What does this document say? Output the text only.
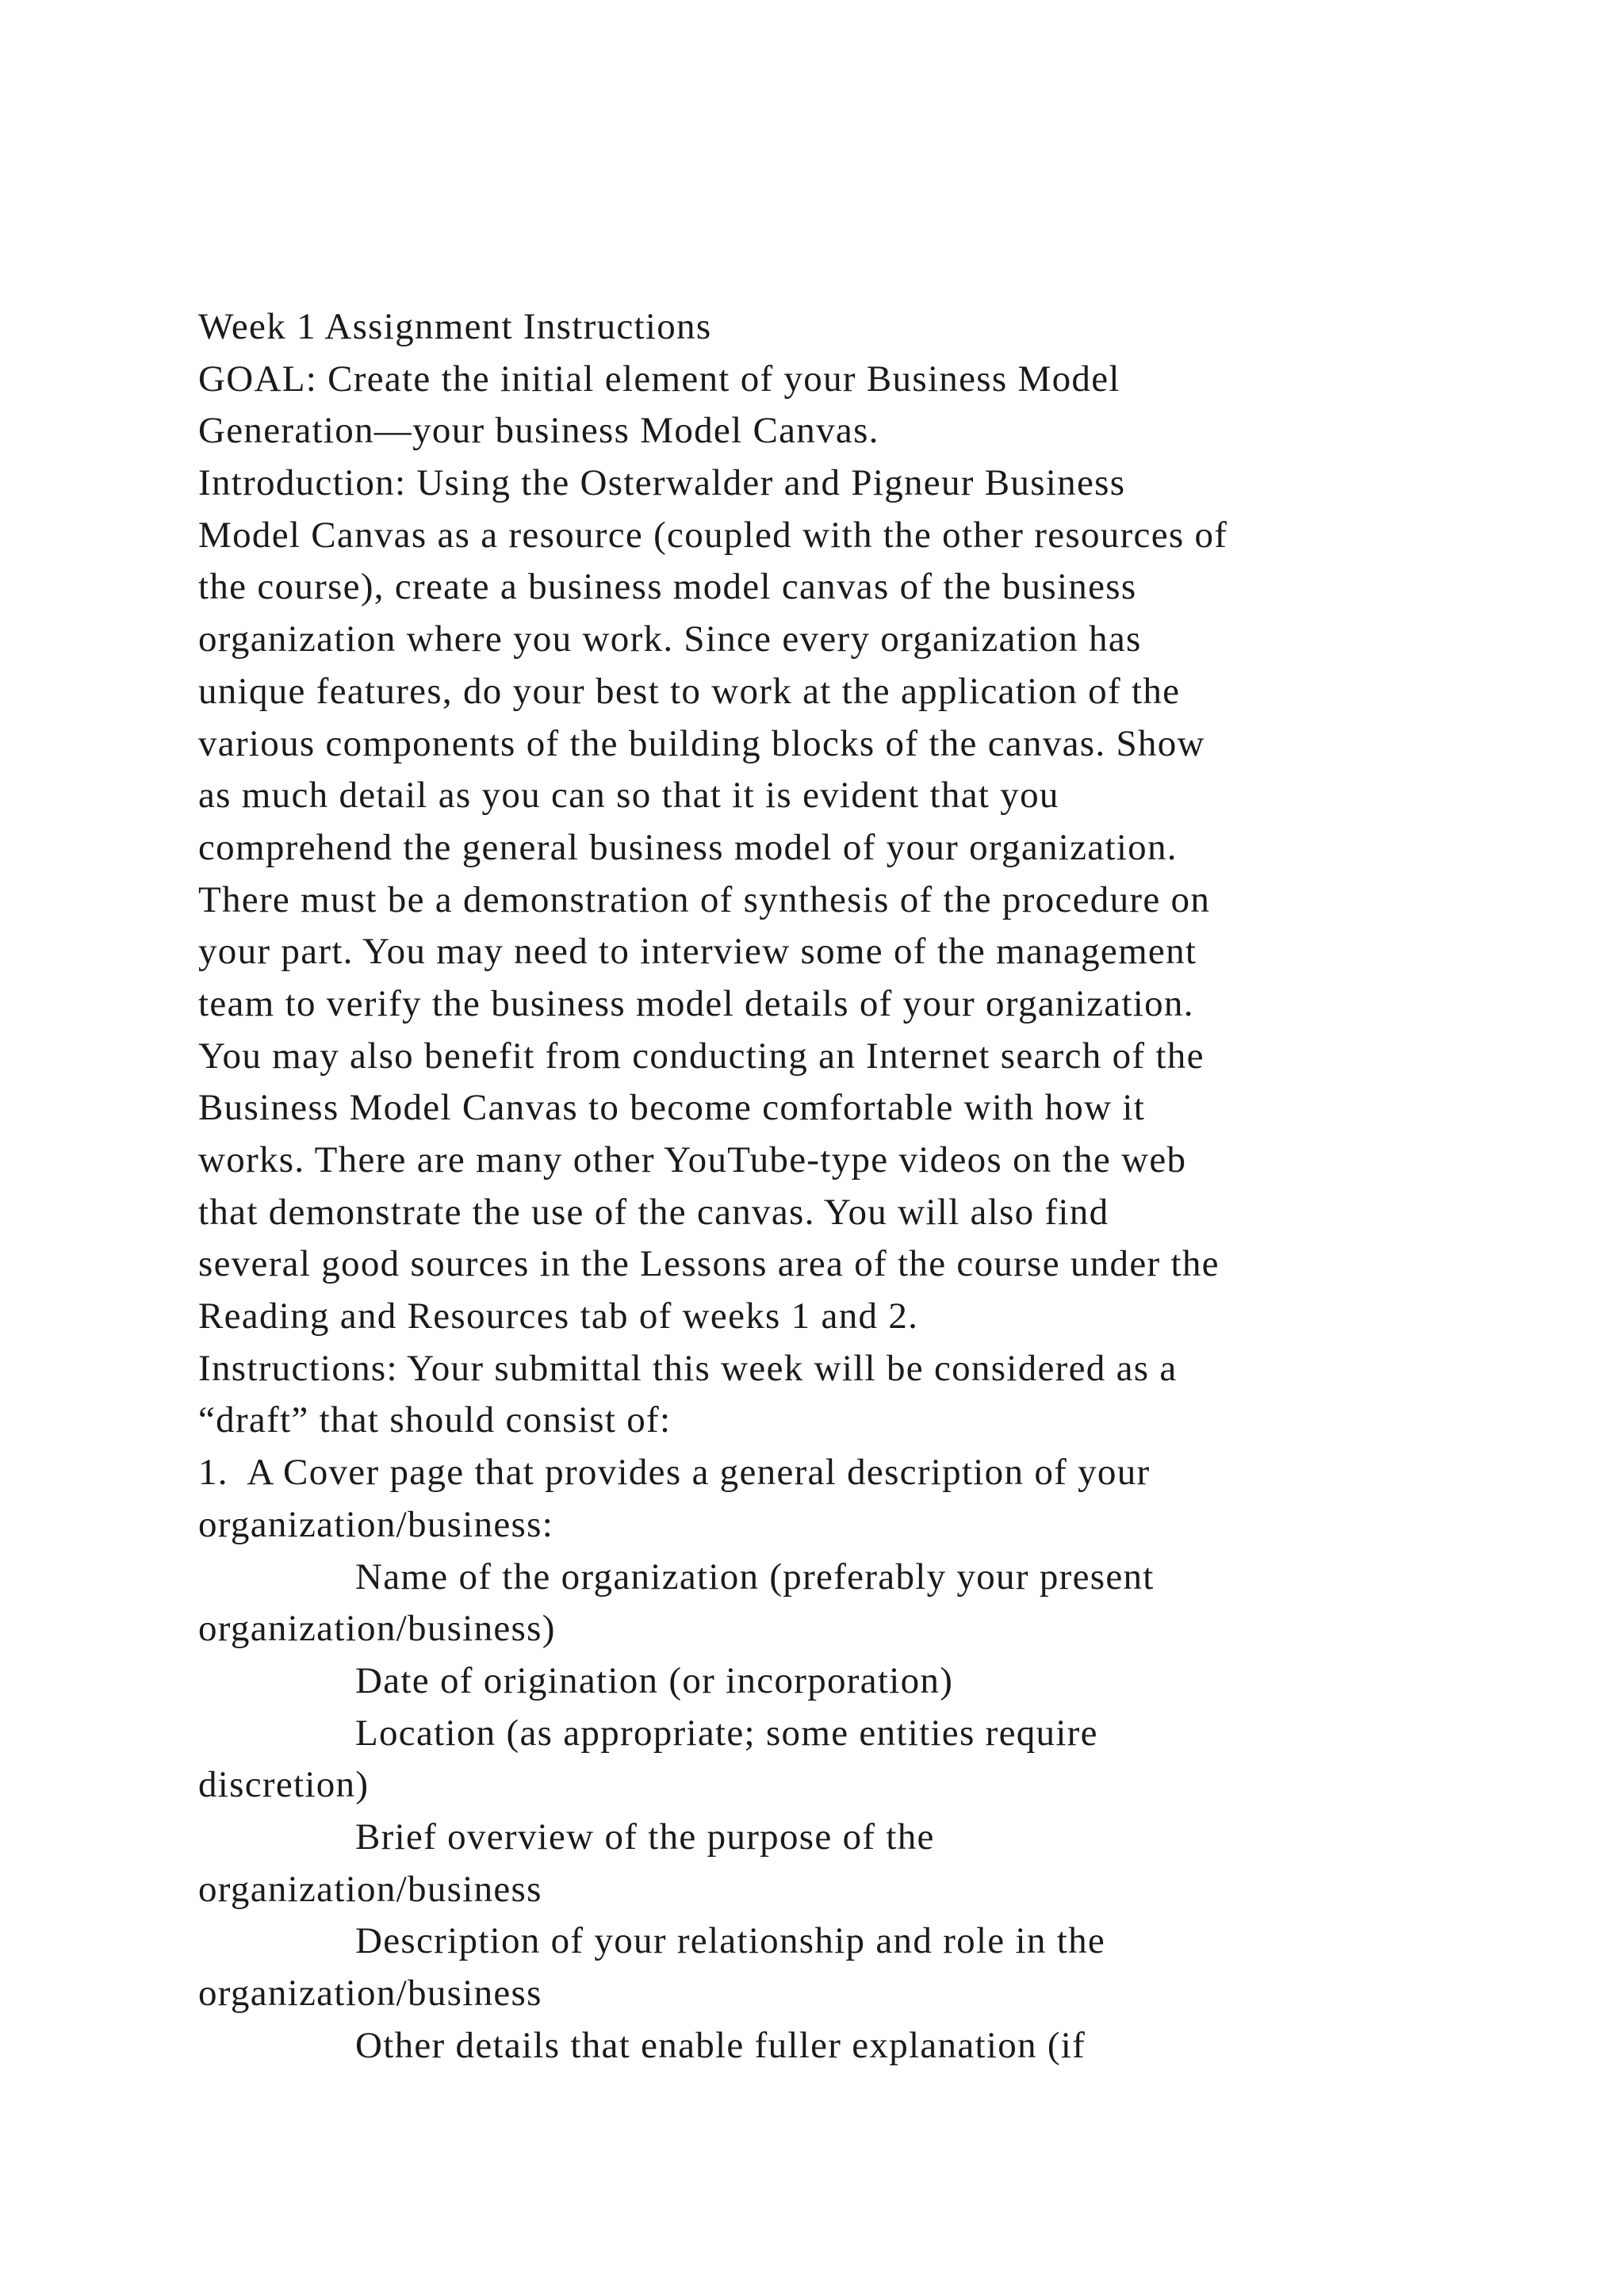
Week 1 Assignment Instructions
GOAL: Create the initial element of your Business Model
Generation—your business Model Canvas.
Introduction: Using the Osterwalder and Pigneur Business
Model Canvas as a resource (coupled with the other resources of
the course), create a business model canvas of the business
organization where you work. Since every organization has
unique features, do your best to work at the application of the
various components of the building blocks of the canvas. Show
as much detail as you can so that it is evident that you
comprehend the general business model of your organization.
There must be a demonstration of synthesis of the procedure on
your part. You may need to interview some of the management
team to verify the business model details of your organization.
You may also benefit from conducting an Internet search of the
Business Model Canvas to become comfortable with how it
works. There are many other YouTube-type videos on the web
that demonstrate the use of the canvas. You will also find
several good sources in the Lessons area of the course under the
Reading and Resources tab of weeks 1 and 2.
Instructions: Your submittal this week will be considered as a
“draft” that should consist of:
1.  A Cover page that provides a general description of your
organization/business:
Name of the organization (preferably your present
organization/business)
Date of origination (or incorporation)
Location (as appropriate; some entities require
discretion)
Brief overview of the purpose of the
organization/business
Description of your relationship and role in the
organization/business
Other details that enable fuller explanation (if
